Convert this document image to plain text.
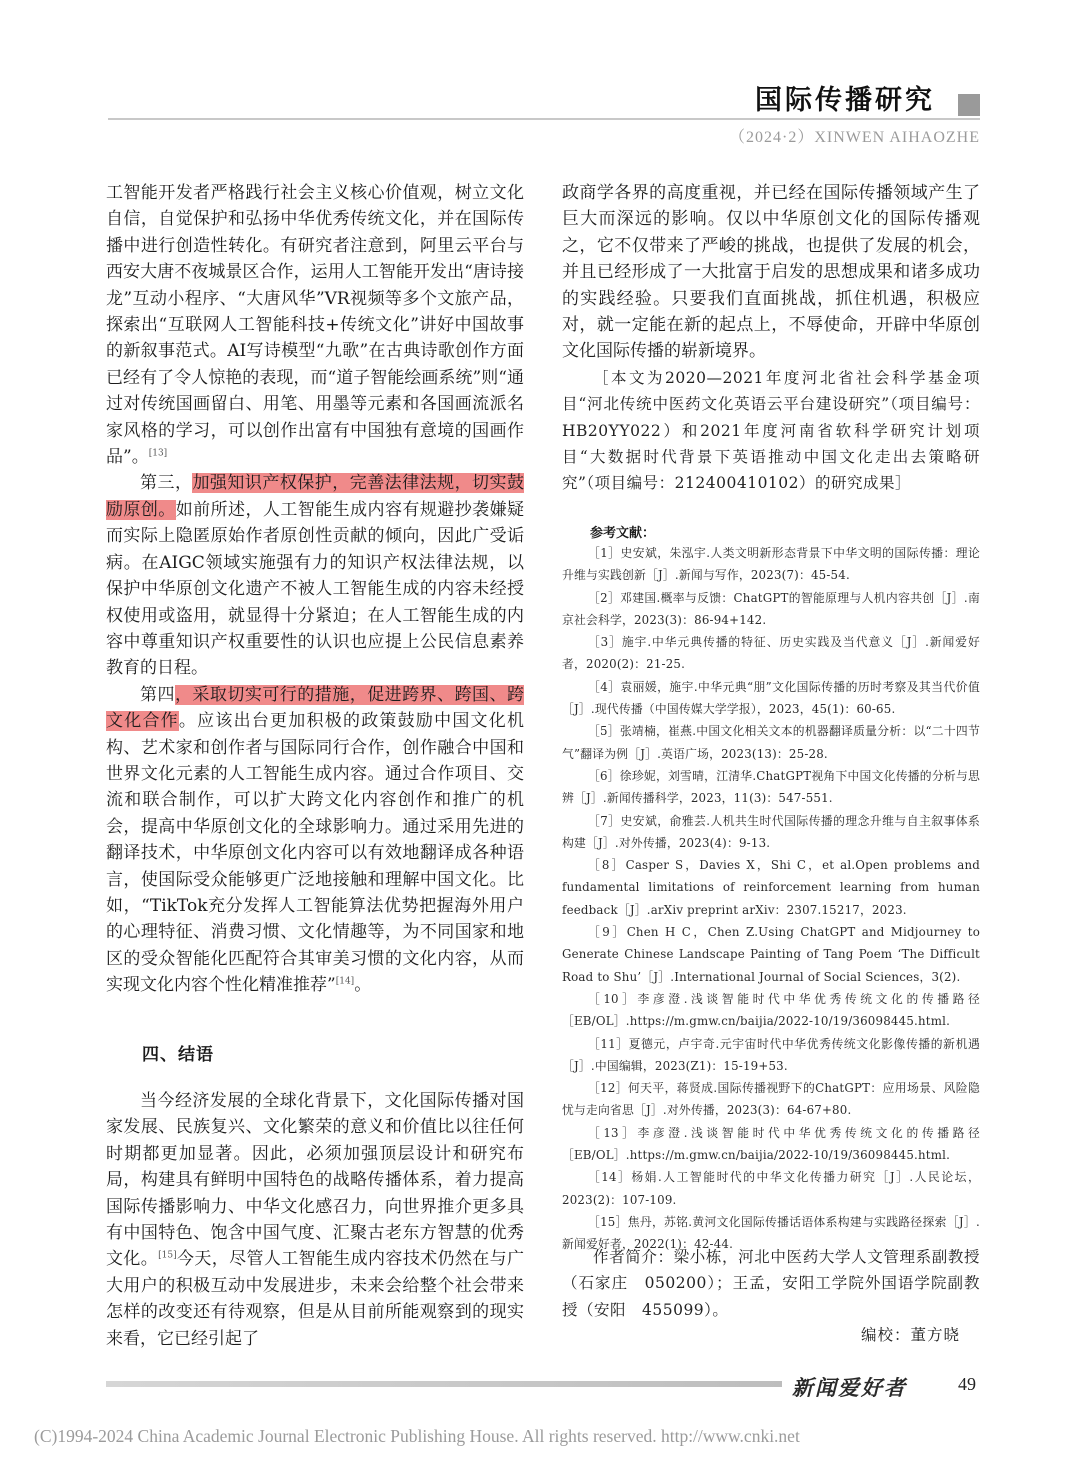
国际传播研究
（2024·2）XINWEN AIHAOZHE

工智能开发者严格践行社会主义核心价值观，树立文化自信，自觉保护和弘扬中华优秀传统文化，并在国际传播中进行创造性转化。有研究者注意到，阿里云平台与西安大唐不夜城景区合作，运用人工智能开发出“唐诗接龙”互动小程序、“大唐风华”VR视频等多个文旅产品，探索出“互联网人工智能科技+传统文化”讲好中国故事的新叙事范式。AI写诗模型“九歌”在古典诗歌创作方面已经有了令人惊艳的表现，而“道子智能绘画系统”则“通过对传统国画留白、用笔、用墨等元素和各国画流派名家风格的学习，可以创作出富有中国独有意境的国画作品”。[13]

第三，加强知识产权保护，完善法律法规，切实鼓励原创。如前所述，人工智能生成内容有规避抄袭嫌疑而实际上隐匿原始作者原创性贡献的倾向，因此广受诟病。在AIGC领域实施强有力的知识产权法律法规，以保护中华原创文化遗产不被人工智能生成的内容未经授权使用或盗用，就显得十分紧迫；在人工智能生成的内容中尊重知识产权重要性的认识也应提上公民信息素养教育的日程。

第四，采取切实可行的措施，促进跨界、跨国、跨文化合作。应该出台更加积极的政策鼓励中国文化机构、艺术家和创作者与国际同行合作，创作融合中国和世界文化元素的人工智能生成内容。通过合作项目、交流和联合制作，可以扩大跨文化内容创作和推广的机会，提高中华原创文化的全球影响力。通过采用先进的翻译技术，中华原创文化内容可以有效地翻译成各种语言，使国际受众能够更广泛地接触和理解中国文化。比如，“TikTok充分发挥人工智能算法优势把握海外用户的心理特征、消费习惯、文化情趣等，为不同国家和地区的受众智能化匹配符合其审美习惯的文化内容，从而实现文化内容个性化精准推荐”[14]。

四、结语

当今经济发展的全球化背景下，文化国际传播对国家发展、民族复兴、文化繁荣的意义和价值比以往任何时期都更加显著。因此，必须加强顶层设计和研究布局，构建具有鲜明中国特色的战略传播体系，着力提高国际传播影响力、中华文化感召力，向世界推介更多具有中国特色、饱含中国气度、汇聚古老东方智慧的优秀文化。[15]今天，尽管人工智能生成内容技术仍然在与广大用户的积极互动中发展进步，未来会给整个社会带来怎样的改变还有待观察，但是从目前所能观察到的现实来看，它已经引起了

政商学各界的高度重视，并已经在国际传播领域产生了巨大而深远的影响。仅以中华原创文化的国际传播观之，它不仅带来了严峻的挑战，也提供了发展的机会，并且已经形成了一大批富于启发的思想成果和诸多成功的实践经验。只要我们直面挑战，抓住机遇，积极应对，就一定能在新的起点上，不辱使命，开辟中华原创文化国际传播的崭新境界。

［本文为2020—2021年度河北省社会科学基金项目“河北传统中医药文化英语云平台建设研究”（项目编号：HB20YY022）和2021年度河南省软科学研究计划项目“大数据时代背景下英语推动中国文化走出去策略研究”（项目编号：212400410102）的研究成果］

参考文献：

［1］史安斌，朱泓宇.人类文明新形态背景下中华文明的国际传播：理论升维与实践创新［J］.新闻与写作，2023(7)：45-54.

［2］邓建国.概率与反馈：ChatGPT的智能原理与人机内容共创［J］.南京社会科学，2023(3)：86-94+142.

［3］施宇.中华元典传播的特征、历史实践及当代意义［J］.新闻爱好者，2020(2)：21-25.

［4］袁丽媛，施宇.中华元典“朋”文化国际传播的历时考察及其当代价值［J］.现代传播（中国传媒大学学报），2023，45(1)：60-65.

［5］张靖楠，崔燕.中国文化相关文本的机器翻译质量分析：以“二十四节气”翻译为例［J］.英语广场，2023(13)：25-28.

［6］徐珍妮，刘雪晴，江清华.ChatGPT视角下中国文化传播的分析与思辨［J］.新闻传播科学，2023，11(3)：547-551.

［7］史安斌，俞雅芸.人机共生时代国际传播的理念升维与自主叙事体系构建［J］.对外传播，2023(4)：9-13.

［8］Casper S，Davies X，Shi C，et al.Open problems and fundamental limitations of reinforcement learning from human feedback［J］.arXiv preprint arXiv：2307.15217，2023.

［9］Chen H C，Chen Z.Using ChatGPT and Midjourney to Generate Chinese Landscape Painting of Tang Poem ‘The Difficult Road to Shu’［J］.International Journal of Social Sciences，3(2).

［10］李彦澄.浅谈智能时代中华优秀传统文化的传播路径［EB/OL］.https://m.gmw.cn/baijia/2022-10/19/36098445.html.

［11］夏德元，卢宇奇.元宇宙时代中华优秀传统文化影像传播的新机遇［J］.中国编辑，2023(Z1)：15-19+53.

［12］何天平，蒋贤成.国际传播视野下的ChatGPT：应用场景、风险隐忧与走向省思［J］.对外传播，2023(3)：64-67+80.

［13］李彦澄.浅谈智能时代中华优秀传统文化的传播路径［EB/OL］.https://m.gmw.cn/baijia/2022-10/19/36098445.html.

［14］杨娟.人工智能时代的中华文化传播力研究［J］.人民论坛，2023(2)：107-109.

［15］焦丹，苏铭.黄河文化国际传播话语体系构建与实践路径探索［J］.新闻爱好者，2022(1)：42-44.

作者简介：梁小栋，河北中医药大学人文管理系副教授（石家庄　050200）；王孟，安阳工学院外国语学院副教授（安阳　455099）。

编校：董方晓

新闻爱好者	49
(C)1994-2024 China Academic Journal Electronic Publishing House. All rights reserved. http://www.cnki.net
